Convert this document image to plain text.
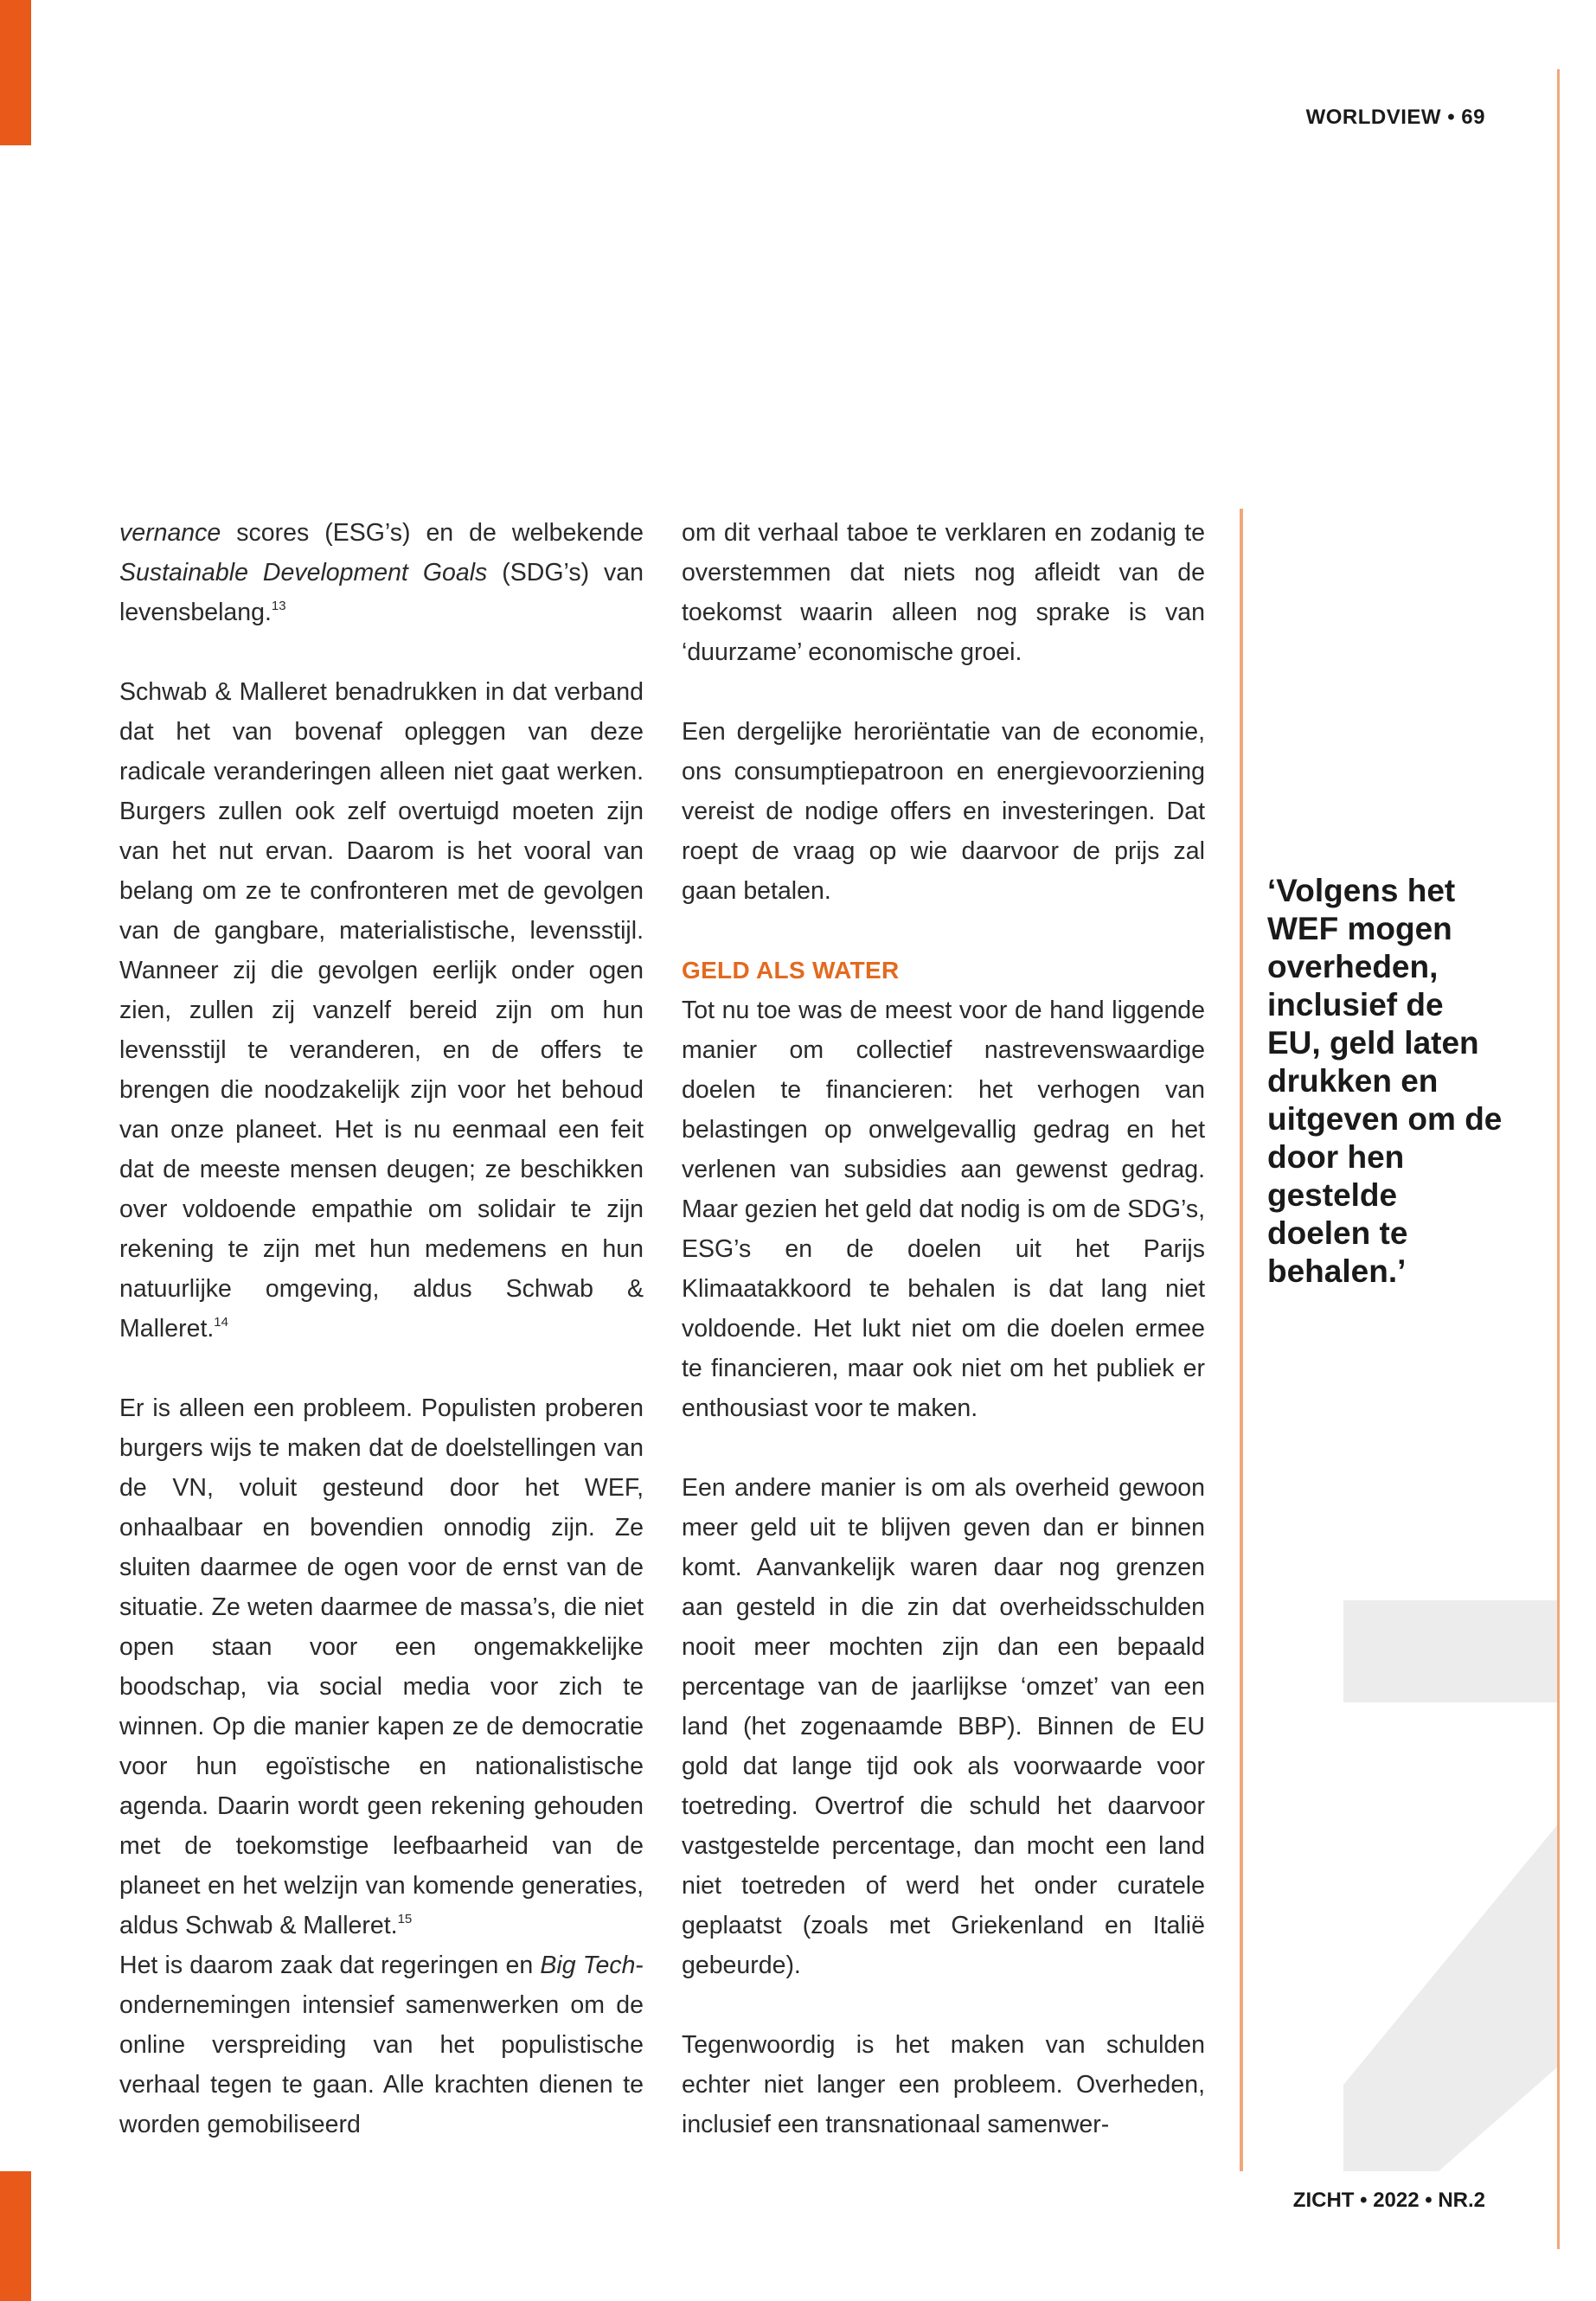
WORLDVIEW • 69

vernance scores (ESG’s) en de welbekende Sustainable Development Goals (SDG’s) van levensbelang.$^{13}$

Schwab & Malleret benadrukken in dat verband dat het van bovenaf opleggen van deze radicale veranderingen alleen niet gaat werken. Burgers zullen ook zelf overtuigd moeten zijn van het nut ervan. Daarom is het vooral van belang om ze te confronteren met de gevolgen van de gangbare, materialistische, levensstijl. Wanneer zij die gevolgen eerlijk onder ogen zien, zullen zij vanzelf bereid zijn om hun levensstijl te veranderen, en de offers te brengen die noodzakelijk zijn voor het behoud van onze planeet. Het is nu eenmaal een feit dat de meeste mensen deugen; ze beschikken over voldoende empathie om solidair te zijn rekening te zijn met hun medemens en hun natuurlijke omgeving, aldus Schwab & Malleret.$^{14}$

Er is alleen een probleem. Populisten proberen burgers wijs te maken dat de doelstellingen van de VN, voluit gesteund door het WEF, onhaalbaar en bovendien onnodig zijn. Ze sluiten daarmee de ogen voor de ernst van de situatie. Ze weten daarmee de massa’s, die niet open staan voor een ongemakkelijke boodschap, via social media voor zich te winnen. Op die manier kapen ze de democratie voor hun egoïstische en nationalistische agenda. Daarin wordt geen rekening gehouden met de toekomstige leefbaarheid van de planeet en het welzijn van komende generaties, aldus Schwab & Malleret.$^{15}$

Het is daarom zaak dat regeringen en Big Tech-ondernemingen intensief samenwerken om de online verspreiding van het populistische verhaal tegen te gaan. Alle krachten dienen te worden gemobiliseerd

om dit verhaal taboe te verklaren en zodanig te overstemmen dat niets nog afleidt van de toekomst waarin alleen nog sprake is van ‘duurzame’ economische groei.

Een dergelijke heroriëntatie van de economie, ons consumptiepatroon en energievoorziening vereist de nodige offers en investeringen. Dat roept de vraag op wie daarvoor de prijs zal gaan betalen.

GELD ALS WATER

Tot nu toe was de meest voor de hand liggende manier om collectief nastrevenswaardige doelen te financieren: het verhogen van belastingen op onwelgevallig gedrag en het verlenen van subsidies aan gewenst gedrag. Maar gezien het geld dat nodig is om de SDG’s, ESG’s en de doelen uit het Parijs Klimaatakkoord te behalen is dat lang niet voldoende. Het lukt niet om die doelen ermee te financieren, maar ook niet om het publiek er enthousiast voor te maken.

Een andere manier is om als overheid gewoon meer geld uit te blijven geven dan er binnen komt. Aanvankelijk waren daar nog grenzen aan gesteld in die zin dat overheidsschulden nooit meer mochten zijn dan een bepaald percentage van de jaarlijkse ‘omzet’ van een land (het zogenaamde BBP). Binnen de EU gold dat lange tijd ook als voorwaarde voor toetreding. Overtrof die schuld het daarvoor vastgestelde percentage, dan mocht een land niet toetreden of werd het onder curatele geplaatst (zoals met Griekenland en Italië gebeurde).

Tegenwoordig is het maken van schulden echter niet langer een probleem. Overheden, inclusief een transnationaal samenwer-

‘Volgens het WEF mogen overheden, inclusief de EU, geld laten drukken en uitgeven om de door hen gestelde doelen te behalen.’
ZICHT • 2022 • NR.2
